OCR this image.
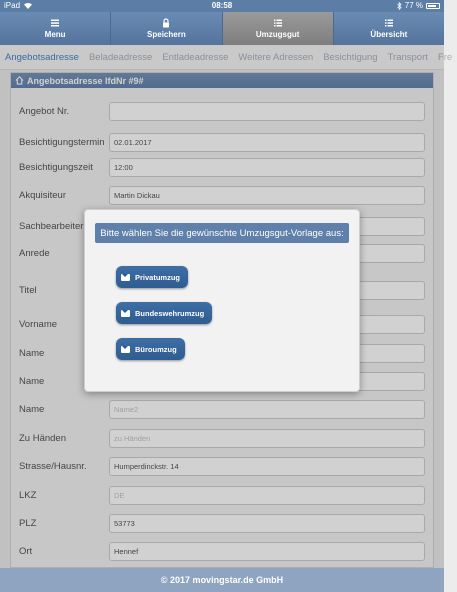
iPad	08:58	77 %
Menu	Speichern	Umzugsgut	Übersicht
Angebotsadresse	Beladeadresse	Entladeadresse	Weitere Adressen	Besichtigung	Transport	Fre
Angebotsadresse lfdNr #9#
Angebot Nr.
Besichtigungstermin	02.01.2017
Besichtigungszeit	12:00
Akquisiteur	Martin Dickau
Sachbearbeiter
Anrede
Titel
Vorname
Name
Name
Name	Name2
Zu Händen	zu Händen
Strasse/Hausnr.	Humperdinckstr. 14
LKZ	DE
PLZ	53773
Ort	Hennef
© 2017 movingstar.de GmbH
Bitte wählen Sie die gewünschte Umzugsgut-Vorlage aus:
Privatumzug
Bundeswehrumzug
Büroumzug
